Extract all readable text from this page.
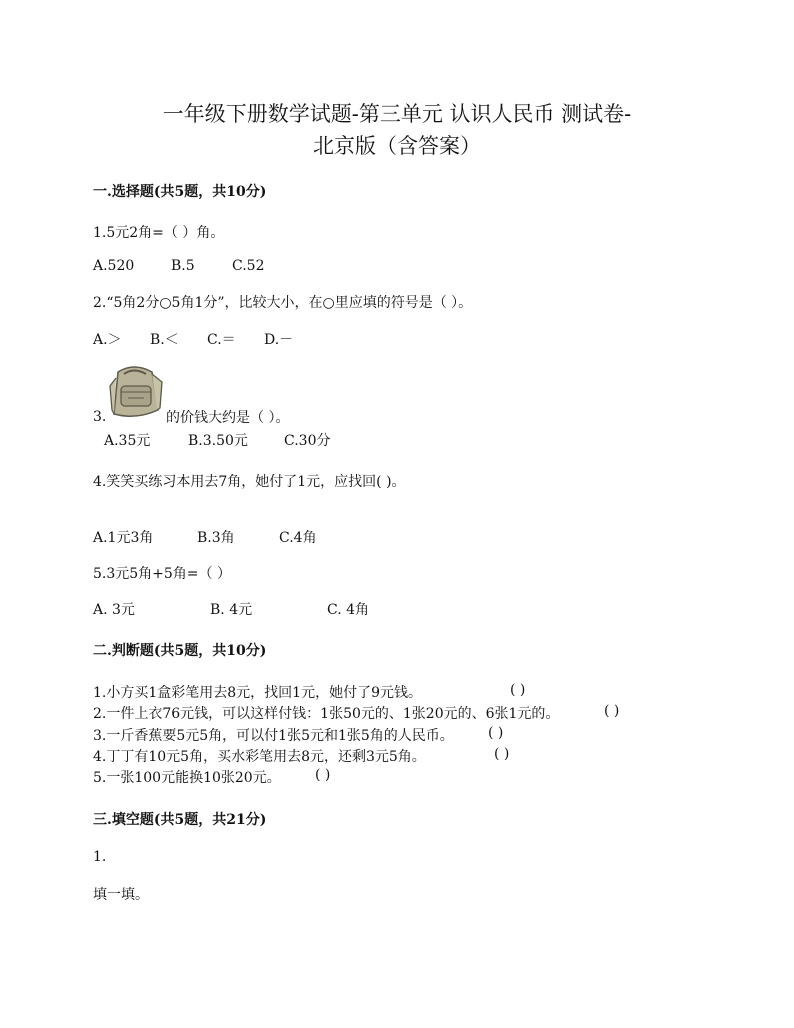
一年级下册数学试题-第三单元 认识人民币 测试卷-
北京版（含答案）
一.选择题(共5题，共10分)
1.5元2角=（ ）角。
A.520	B.5	C.52
2.“5角2分○5角1分”，比较大小，在○里应填的符号是（ ）。
A.＞ B.＜ C.＝ D.－
3.	的价钱大约是（ ）。
A.35元	B.3.50元	C.30分
4.笑笑买练习本用去7角，她付了1元，应找回( )。
A.1元3角	B.3角	C.4角
5.3元5角+5角=（ ）
A. 3元	B. 4元	C. 4角
二.判断题(共5题，共10分)
1.小方买1盒彩笔用去8元，找回1元，她付了9元钱。	( )
2.一件上衣76元钱，可以这样付钱：1张50元的、1张20元的、6张1元的。	( )
3.一斤香蕉要5元5角，可以付1张5元和1张5角的人民币。 ( )
4.丁丁有10元5角，买水彩笔用去8元，还剩3元5角。	( )
5.一张100元能换10张20元。 ( )
三.填空题(共5题，共21分)
1.
填一填。
